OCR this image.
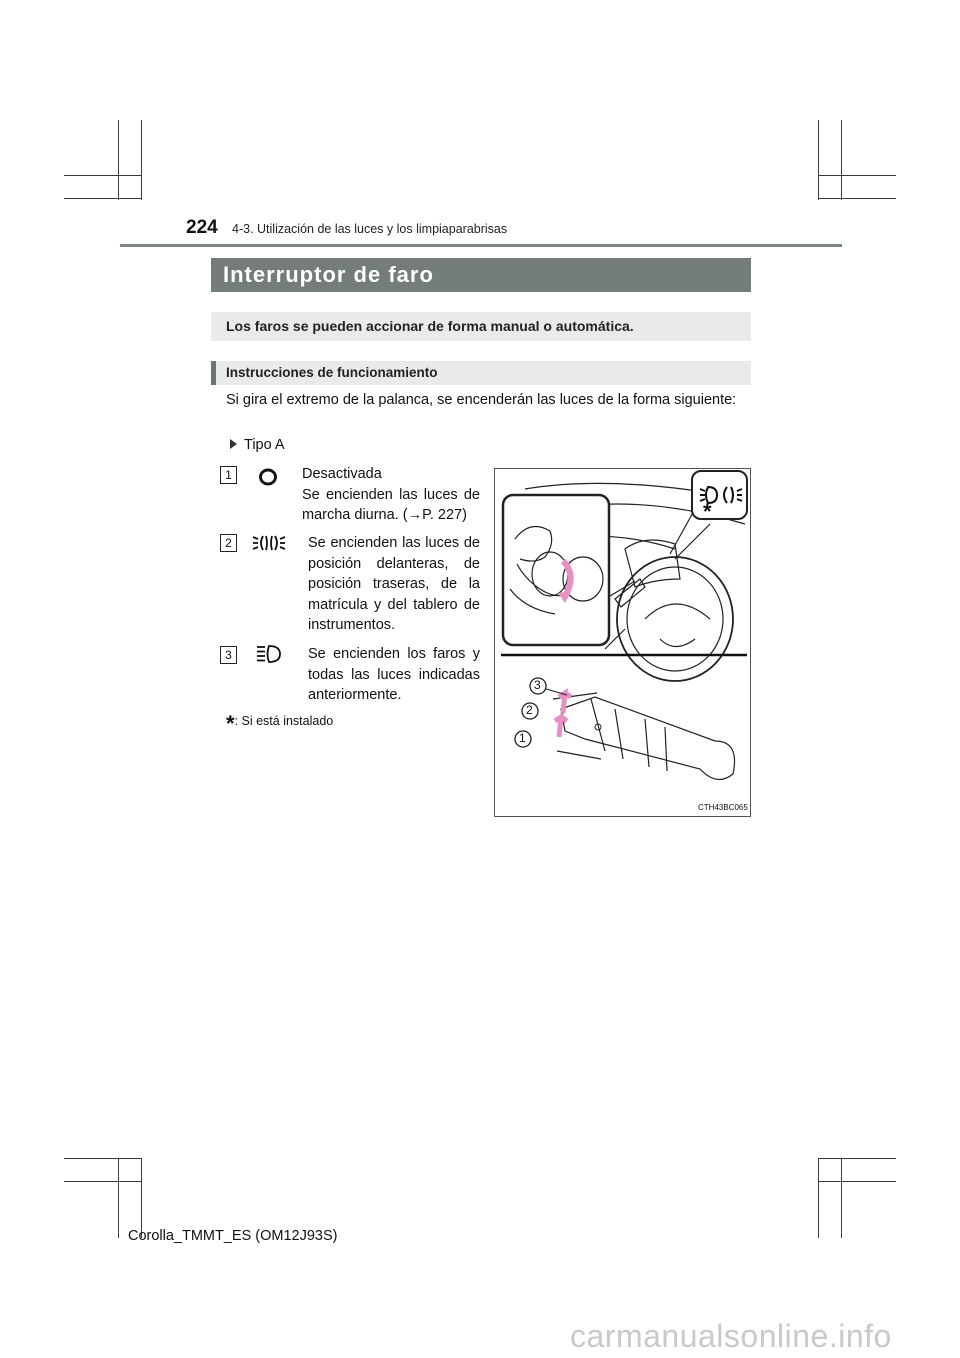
224 4-3. Utilización de las luces y los limpiaparabrisas
Interruptor de faro
Los faros se pueden accionar de forma manual o automática.
Instrucciones de funcionamiento
Si gira el extremo de la palanca, se encenderán las luces de la forma siguiente:
Tipo A
1	Desactivada
Se encienden las luces de marcha diurna. (→P. 227)
2	Se encienden las luces de posición delanteras, de posición traseras, de la matrícula y del tablero de instrumentos.
3	Se encienden los faros y todas las luces indicadas anteriormente.
*: Si está instalado
3
2
1
*
CTH43BC065
Corolla_TMMT_ES (OM12J93S)
carmanualsonline.info
